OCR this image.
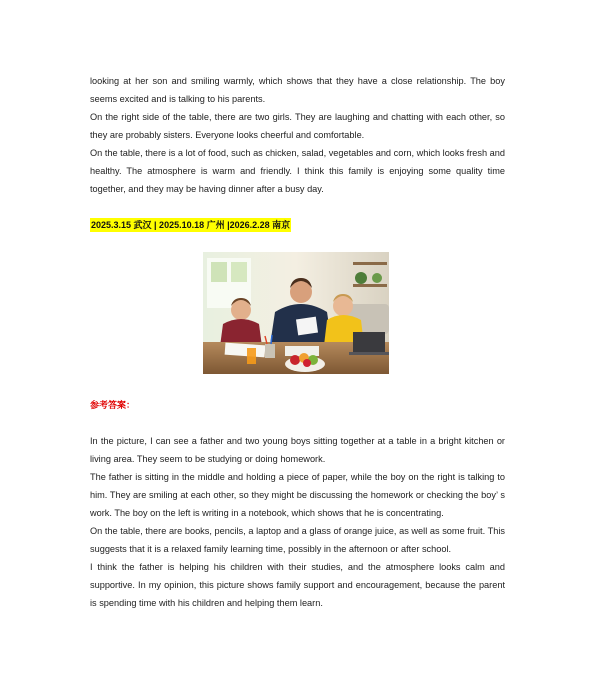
looking at her son and smiling warmly, which shows that they have a close relationship. The boy seems excited and is talking to his parents.
On the right side of the table, there are two girls. They are laughing and chatting with each other, so they are probably sisters. Everyone looks cheerful and comfortable.
On the table, there is a lot of food, such as chicken, salad, vegetables and corn, which looks fresh and healthy. The atmosphere is warm and friendly. I think this family is enjoying some quality time together, and they may be having dinner after a busy day.
2025.3.15 武汉 | 2025.10.18 广州 |2026.2.28 南京
参考答案：
In the picture, I can see a father and two young boys sitting together at a table in a bright kitchen or living area. They seem to be studying or doing homework.
The father is sitting in the middle and holding a piece of paper, while the boy on the right is talking to him. They are smiling at each other, so they might be discussing the homework or checking the boy’ s work. The boy on the left is writing in a notebook, which shows that he is concentrating.
On the table, there are books, pencils, a laptop and a glass of orange juice, as well as some fruit. This suggests that it is a relaxed family learning time, possibly in the afternoon or after school.
I think the father is helping his children with their studies, and the atmosphere looks calm and supportive. In my opinion, this picture shows family support and encouragement, because the parent is spending time with his children and helping them learn.
